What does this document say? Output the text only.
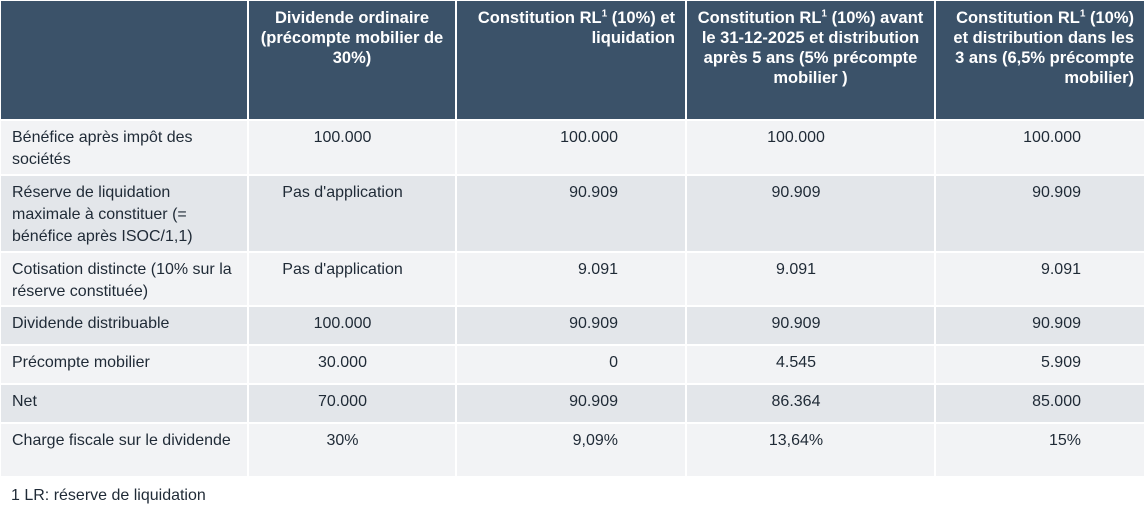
	Dividende ordinaire (précompte mobilier de 30%)	Constitution $RL^1$ (10%) et liquidation	Constitution $RL^1$ (10%) avant le 31-12-2025 et distribution après 5 ans (5% précompte mobilier )	Constitution $RL^1$ (10%) et distribution dans les 3 ans (6,5% précompte mobilier)
Bénéfice après impôt des sociétés	100.000	100.000	100.000	100.000
Réserve de liquidation maximale à constituer (= bénéfice après ISOC/1,1)	Pas d'application	90.909	90.909	90.909
Cotisation distincte (10% sur la réserve constituée)	Pas d'application	9.091	9.091	9.091
Dividende distribuable	100.000	90.909	90.909	90.909
Précompte mobilier	30.000	0	4.545	5.909
Net	70.000	90.909	86.364	85.000
Charge fiscale sur le dividende	30%	9,09%	13,64%	15%
1 LR: réserve de liquidation
